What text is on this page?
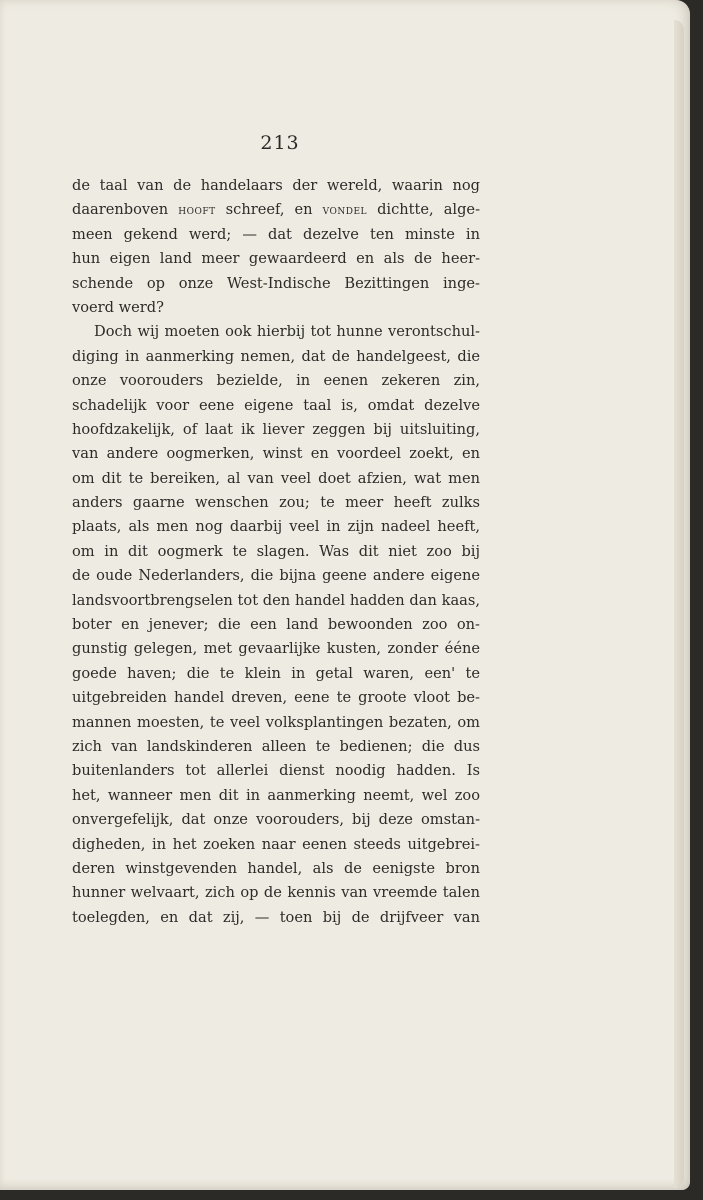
213
de taal van de handelaars der wereld, waarin nog
daarenboven hooft schreef, en vondel dichtte, alge-
meen gekend werd; — dat dezelve ten minste in
hun eigen land meer gewaardeerd en als de heer-
schende op onze West-Indische Bezittingen inge-
voerd werd?
Doch wij moeten ook hierbij tot hunne verontschul-
diging in aanmerking nemen, dat de handelgeest, die
onze voorouders bezielde, in eenen zekeren zin,
schadelijk voor eene eigene taal is, omdat dezelve
hoofdzakelijk, of laat ik liever zeggen bij uitsluiting,
van andere oogmerken, winst en voordeel zoekt, en
om dit te bereiken, al van veel doet afzien, wat men
anders gaarne wenschen zou; te meer heeft zulks
plaats, als men nog daarbij veel in zijn nadeel heeft,
om in dit oogmerk te slagen. Was dit niet zoo bij
de oude Nederlanders, die bijna geene andere eigene
landsvoortbrengselen tot den handel hadden dan kaas,
boter en jenever; die een land bewoonden zoo on-
gunstig gelegen, met gevaarlijke kusten, zonder ééne
goede haven; die te klein in getal waren, een' te
uitgebreiden handel dreven, eene te groote vloot be-
mannen moesten, te veel volksplantingen bezaten, om
zich van landskinderen alleen te bedienen; die dus
buitenlanders tot allerlei dienst noodig hadden. Is
het, wanneer men dit in aanmerking neemt, wel zoo
onvergefelijk, dat onze voorouders, bij deze omstan-
digheden, in het zoeken naar eenen steeds uitgebrei-
deren winstgevenden handel, als de eenigste bron
hunner welvaart, zich op de kennis van vreemde talen
toelegden, en dat zij, — toen bij de drijfveer van
